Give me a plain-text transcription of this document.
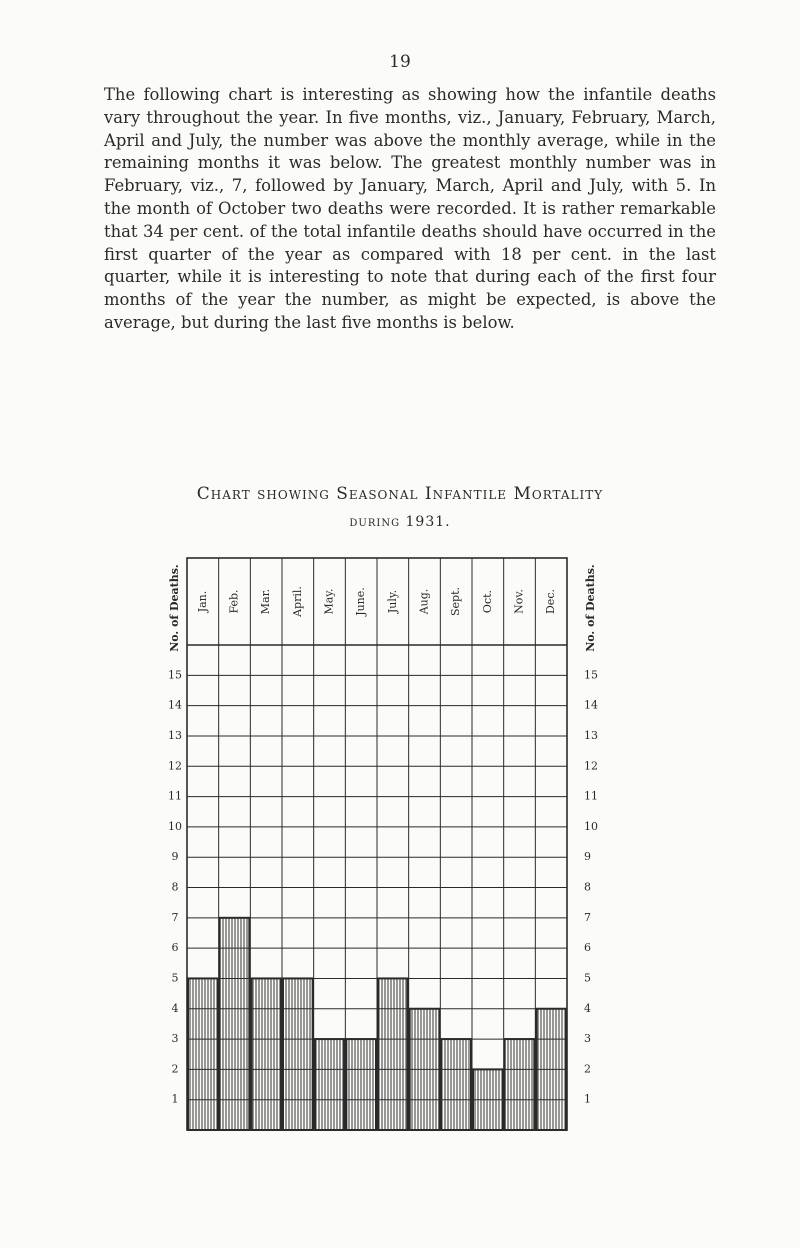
19

The following chart is interesting as showing how the infantile deaths vary throughout the year. In five months, viz., January, February, March, April and July, the number was above the monthly average, while in the remaining months it was below. The greatest monthly number was in February, viz., 7, followed by January, March, April and July, with 5. In the month of October two deaths were recorded. It is rather remarkable that 34 per cent. of the total infantile deaths should have occurred in the first quarter of the year as compared with 18 per cent. in the last quarter, while it is interesting to note that during each of the first four months of the year the number, as might be expected, is above the average, but during the last five months is below.

Chart showing Seasonal Infantile Mortality
during 1931.
Jan. Feb. Mar. April. May. June. July. Aug. Sept. Oct. Nov. Dec.
No. of Deaths.	No. of Deaths.
15	15
14	14
13	13
12	12
11	11
10	10
9	9
8	8
7	7
6	6
5	5
4	4
3	3
2	2
1	1
